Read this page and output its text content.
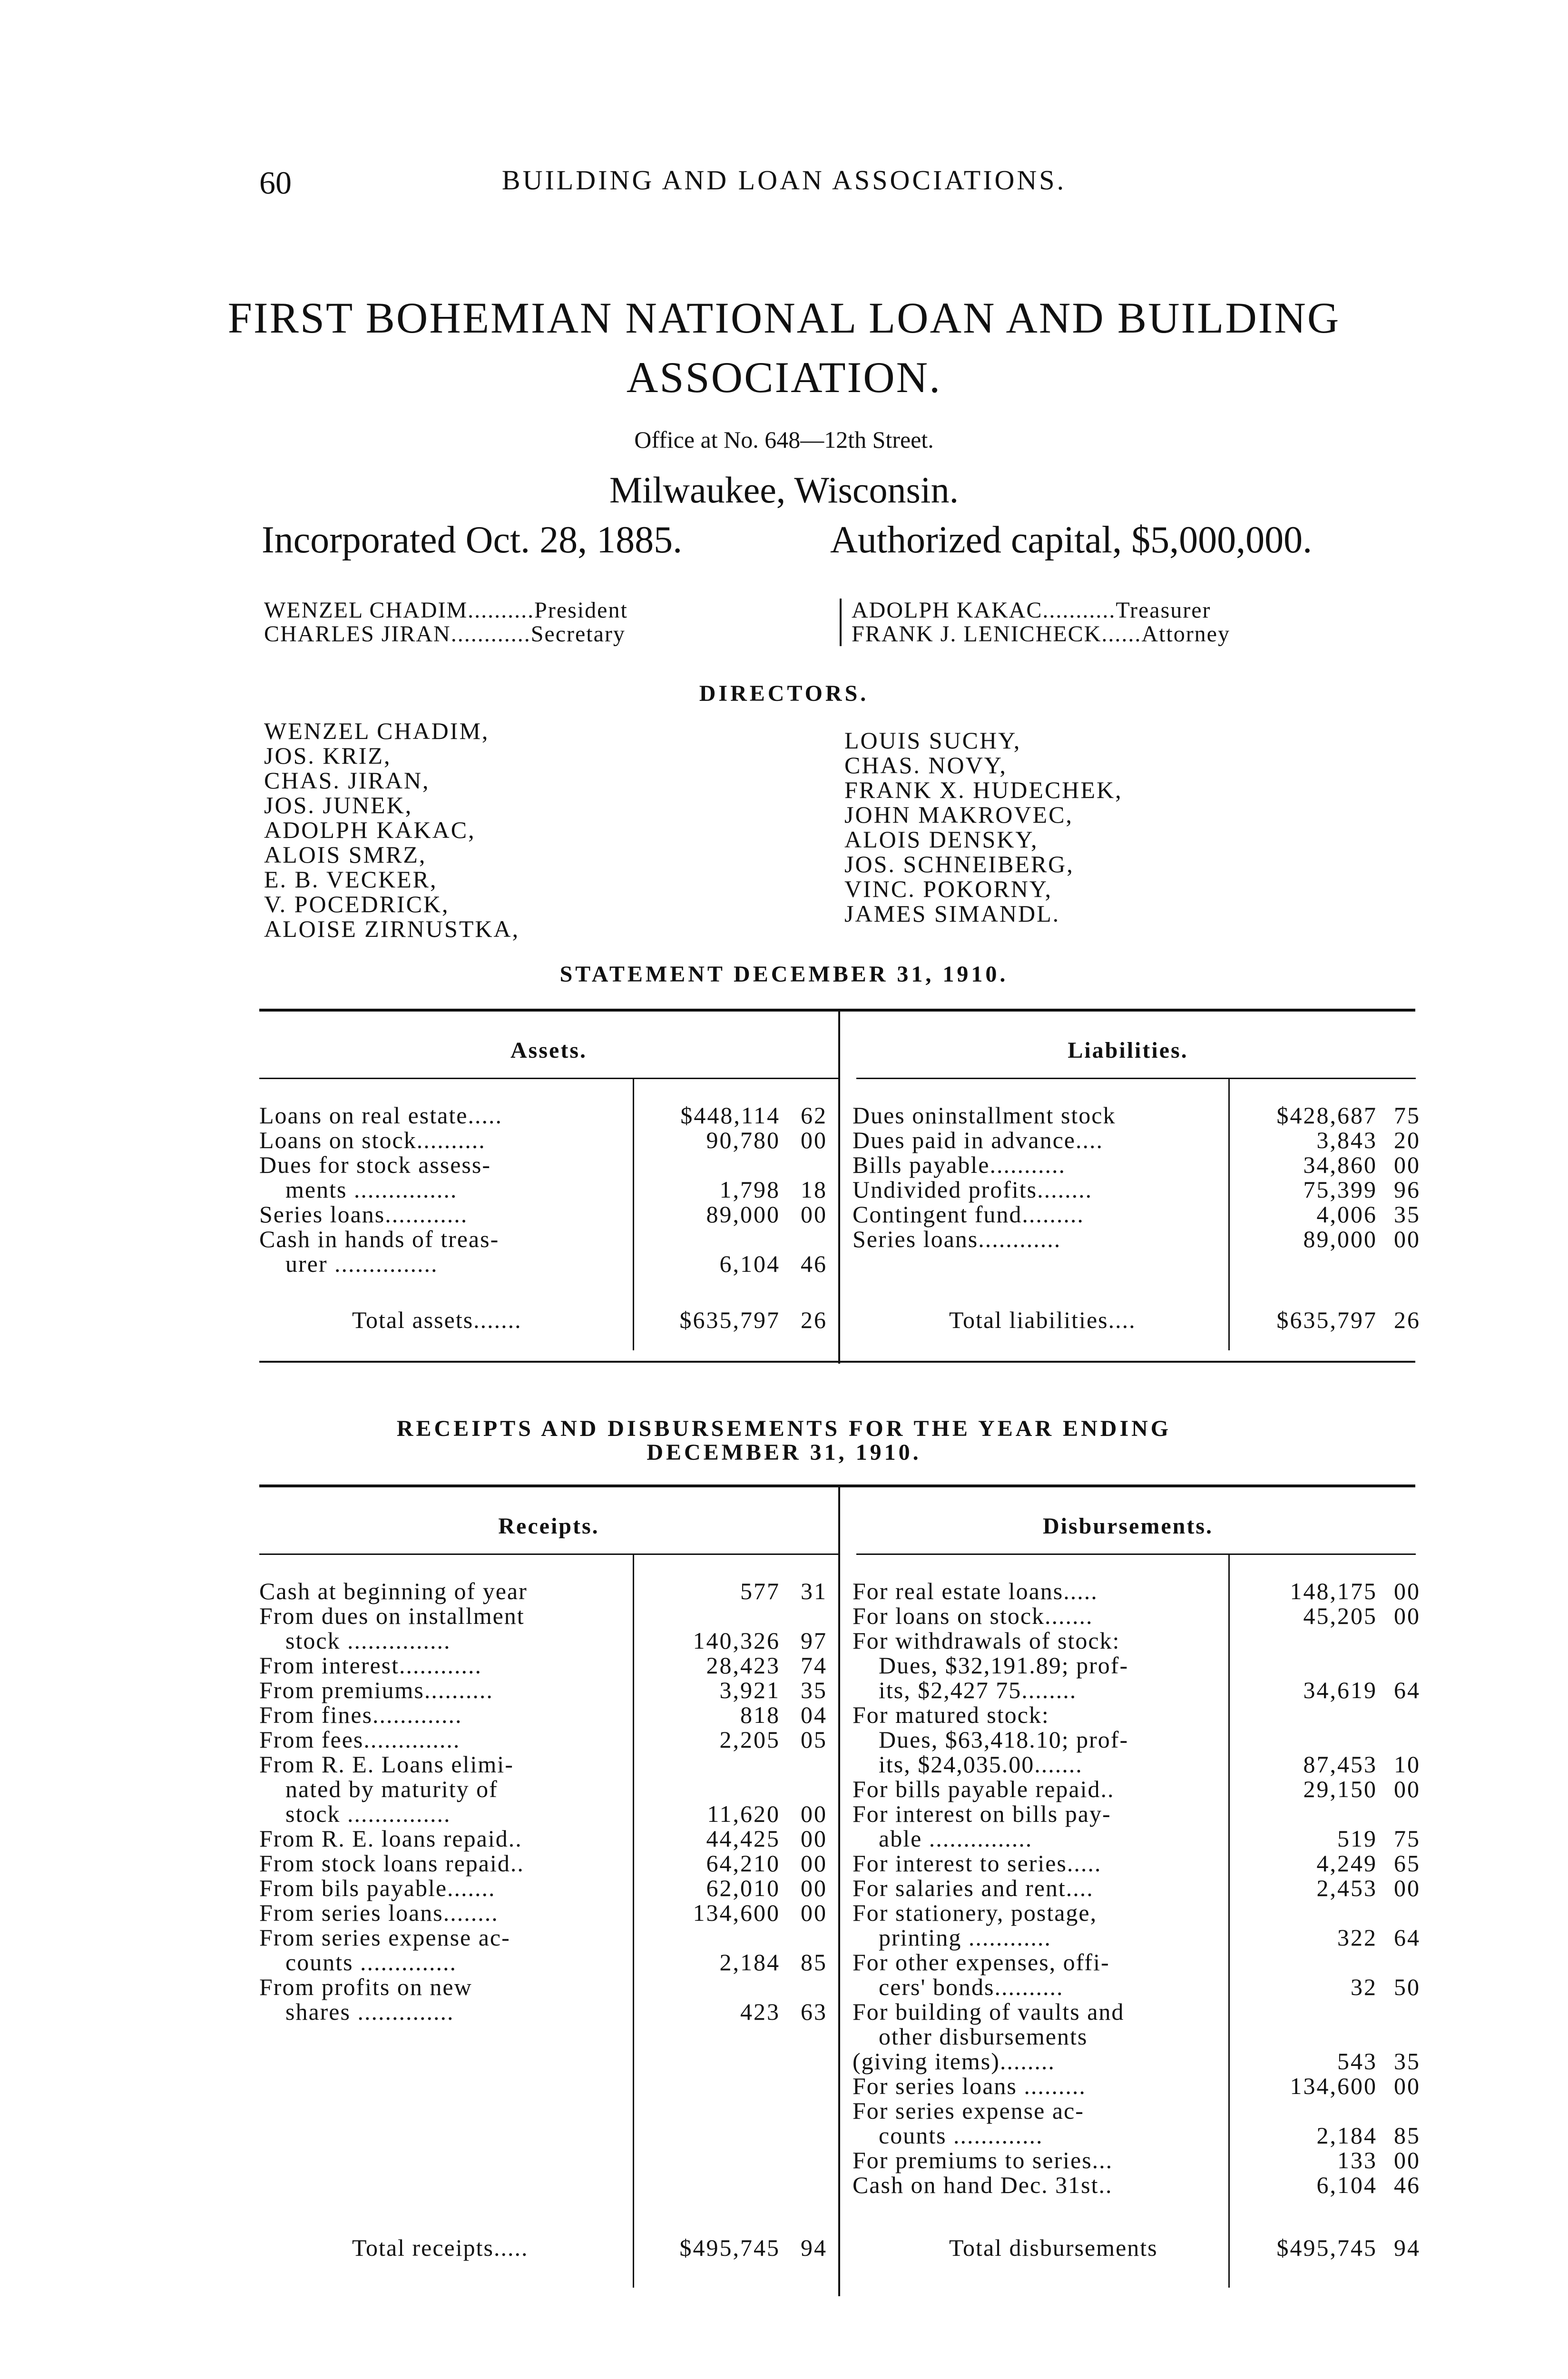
60	BUILDING AND LOAN ASSOCIATIONS.
FIRST BOHEMIAN NATIONAL LOAN AND BUILDING
ASSOCIATION.
Office at No. 648—12th Street.
Milwaukee, Wisconsin.
Incorporated Oct. 28, 1885.	Authorized capital, $5,000,000.
WENZEL CHADIM..........President
CHARLES JIRAN............Secretary
ADOLPH KAKAC...........Treasurer
FRANK J. LENICHECK......Attorney
DIRECTORS.
WENZEL CHADIM,
JOS. KRIZ,
CHAS. JIRAN,
JOS. JUNEK,
ADOLPH KAKAC,
ALOIS SMRZ,
E. B. VECKER,
V. POCEDRICK,
ALOISE ZIRNUSTKA,
LOUIS SUCHY,
CHAS. NOVY,
FRANK X. HUDECHEK,
JOHN MAKROVEC,
ALOIS DENSKY,
JOS. SCHNEIBERG,
VINC. POKORNY,
JAMES SIMANDL.
STATEMENT DECEMBER 31, 1910.
Assets.	Liabilities.
Loans on real estate.....	$448,114 62
Loans on stock..........	90,780 00
Dues for stock assess-
ments ...............	1,798 18
Series loans............	89,000 00
Cash in hands of treas-
urer ...............	6,104 46
Dues oninstallment stock	$428,687 75
Dues paid in advance....	3,843 20
Bills payable...........	34,860 00
Undivided profits........	75,399 96
Contingent fund.........	4,006 35
Series loans............	89,000 00
Total assets.......	$635,797 26	Total liabilities....	$635,797 26
RECEIPTS AND DISBURSEMENTS FOR THE YEAR ENDING
DECEMBER 31, 1910.
Receipts.	Disbursements.
Cash at beginning of year	577 31
From dues on installment
stock ...............	140,326 97
From interest............	28,423 74
From premiums..........	3,921 35
From fines.............	818 04
From fees..............	2,205 05
From R. E. Loans elimi-
nated by maturity of
stock ...............	11,620 00
From R. E. loans repaid..	44,425 00
From stock loans repaid..	64,210 00
From bils payable.......	62,010 00
From series loans........	134,600 00
From series expense ac-
counts ..............	2,184 85
From profits on new
shares ..............	423 63
For real estate loans.....	148,175 00
For loans on stock.......	45,205 00
For withdrawals of stock:
Dues, $32,191.89; prof-
its, $2,427 75........	34,619 64
For matured stock:
Dues, $63,418.10; prof-
its, $24,035.00.......	87,453 10
For bills payable repaid..	29,150 00
For interest on bills pay-
able ...............	519 75
For interest to series.....	4,249 65
For salaries and rent....	2,453 00
For stationery, postage,
printing ............	322 64
For other expenses, offi-
cers' bonds..........	32 50
For building of vaults and
other disbursements
(giving items)........	543 35
For series loans .........	134,600 00
For series expense ac-
counts .............	2,184 85
For premiums to series...	133 00
Cash on hand Dec. 31st..	6,104 46
Total receipts.....	$495,745 94	Total disbursements	$495,745 94
